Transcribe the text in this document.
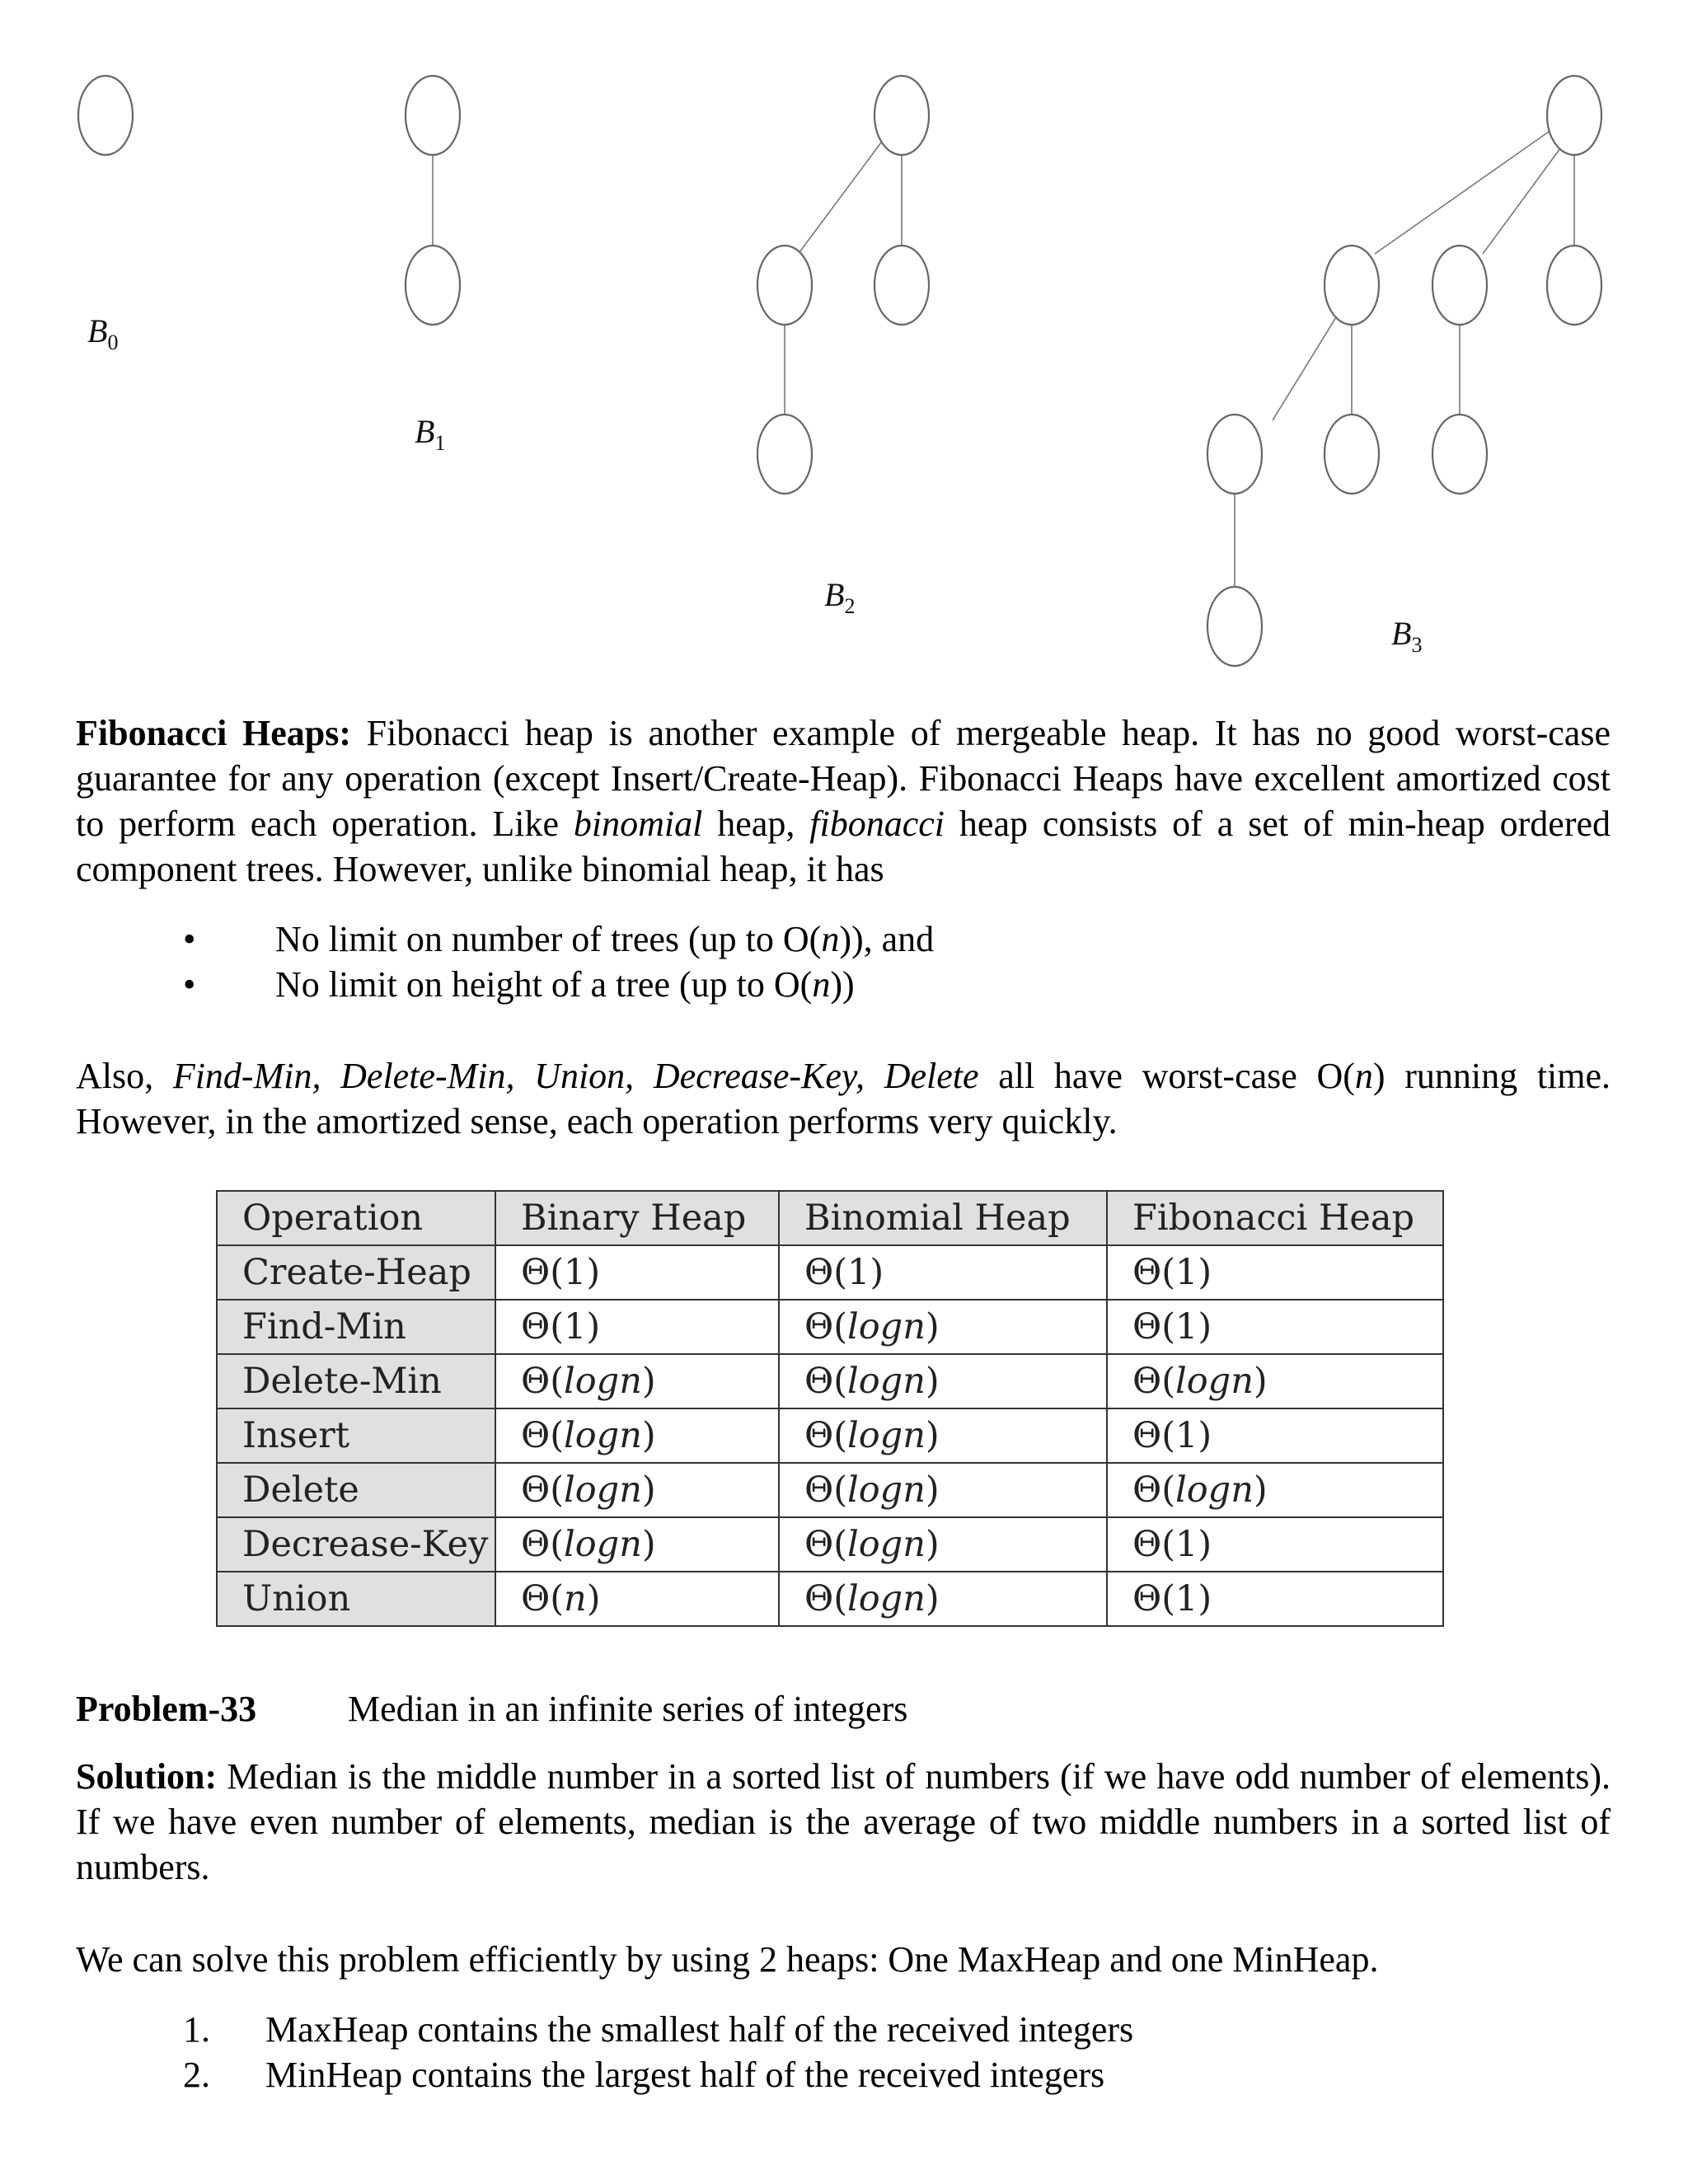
$B_0$
$B_1$
$B_2$
$B_3$

Fibonacci Heaps: Fibonacci heap is another example of mergeable heap. It has no good worst-case guarantee for any operation (except Insert/Create-Heap). Fibonacci Heaps have excellent amortized cost to perform each operation. Like binomial heap, fibonacci heap consists of a set of min-heap ordered component trees. However, unlike binomial heap, it has

• No limit on number of trees (up to O(n)), and
• No limit on height of a tree (up to O(n))

Also, Find-Min, Delete-Min, Union, Decrease-Key, Delete all have worst-case O(n) running time. However, in the amortized sense, each operation performs very quickly.

Operation	Binary Heap	Binomial Heap	Fibonacci Heap
Create-Heap	Θ(1)	Θ(1)	Θ(1)
Find-Min	Θ(1)	Θ(logn)	Θ(1)
Delete-Min	Θ(logn)	Θ(logn)	Θ(logn)
Insert	Θ(logn)	Θ(logn)	Θ(1)
Delete	Θ(logn)	Θ(logn)	Θ(logn)
Decrease-Key	Θ(logn)	Θ(logn)	Θ(1)
Union	Θ(n)	Θ(logn)	Θ(1)
Problem-33	Median in an infinite series of integers

Solution: Median is the middle number in a sorted list of numbers (if we have odd number of elements). If we have even number of elements, median is the average of two middle numbers in a sorted list of numbers.

We can solve this problem efficiently by using 2 heaps: One MaxHeap and one MinHeap.

1. MaxHeap contains the smallest half of the received integers
2. MinHeap contains the largest half of the received integers
